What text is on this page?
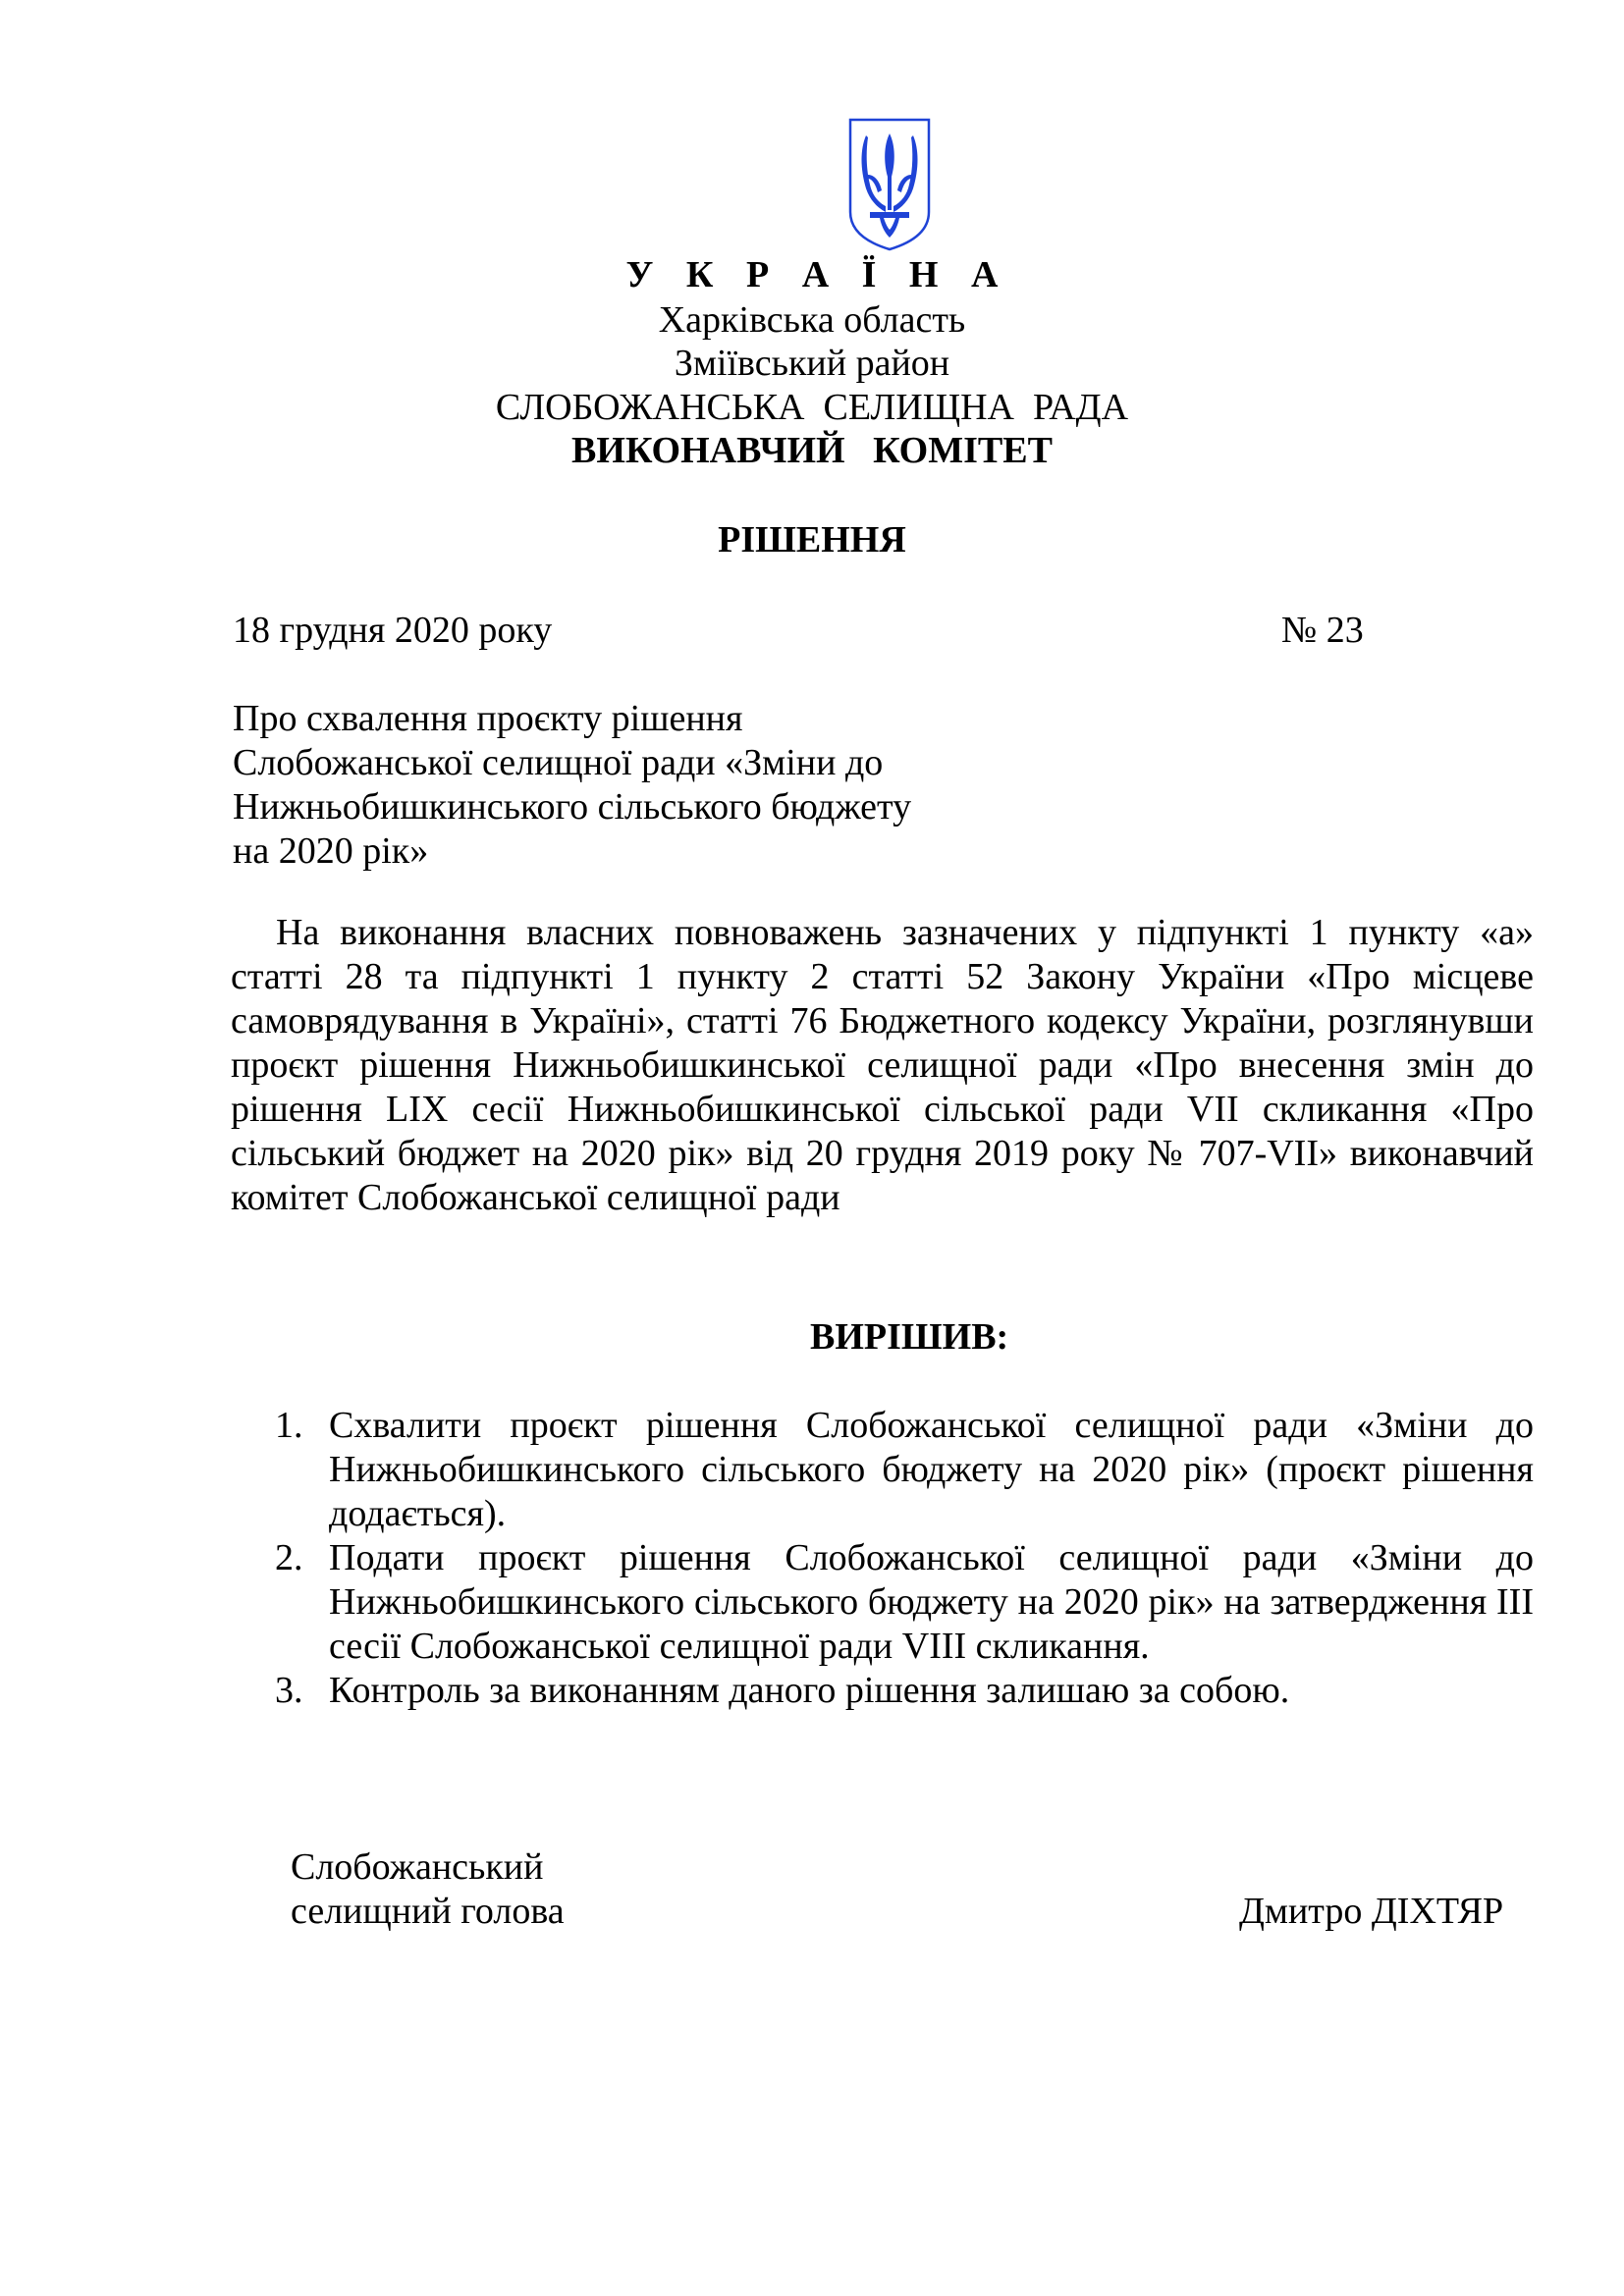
У К Р А Ї Н А
Харківська область
Зміївський район
СЛОБОЖАНСЬКА  СЕЛИЩНА  РАДА
ВИКОНАВЧИЙ   КОМІТЕТ
РІШЕННЯ
18 грудня 2020 року	№ 23
Про схвалення проєкту рішення
Слобожанської селищної ради «Зміни до
Нижньобишкинського сільського бюджету
на 2020 рік»
На виконання власних повноважень зазначених у підпункті 1 пункту «а» статті 28 та підпункті 1 пункту 2 статті 52 Закону України «Про місцеве самоврядування в Україні», статті 76 Бюджетного кодексу України, розглянувши проєкт рішення Нижньобишкинської селищної ради «Про внесення змін до рішення LIX сесії Нижньобишкинської сільської ради VII скликання «Про сільський бюджет на 2020 рік» від 20 грудня 2019 року № 707-VII» виконавчий комітет Слобожанської селищної ради
ВИРІШИВ:
1. Схвалити проєкт рішення Слобожанської селищної ради «Зміни до Нижньобишкинського сільського бюджету на 2020 рік» (проєкт рішення додається).
2. Подати проєкт рішення Слобожанської селищної ради «Зміни до Нижньобишкинського сільського бюджету на 2020 рік» на затвердження III сесії Слобожанської селищної ради VIII скликання.
3. Контроль за виконанням даного рішення залишаю за собою.
Слобожанський
селищний голова	Дмитро ДІХТЯР
